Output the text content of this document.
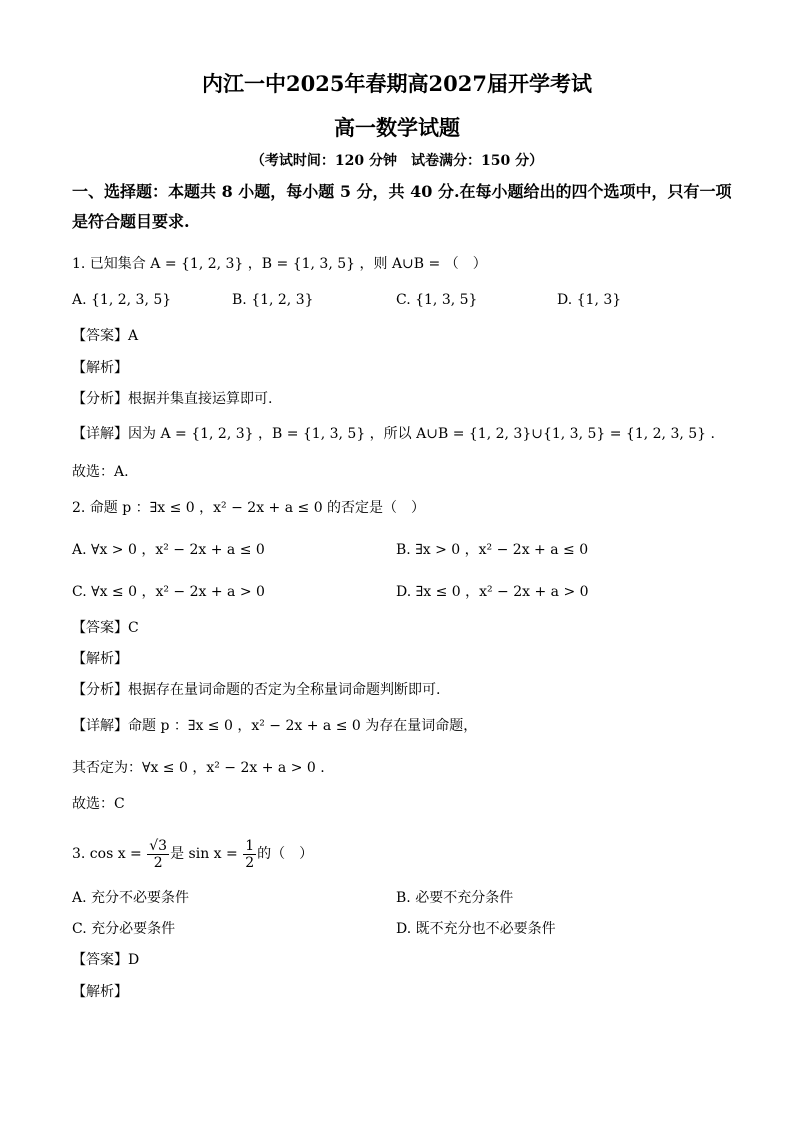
内江一中2025年春期高2027届开学考试
高一数学试题
（考试时间：120 分钟　试卷满分：150 分）
一、选择题：本题共 8 小题，每小题 5 分，共 40 分.在每小题给出的四个选项中，只有一项
是符合题目要求.
1. 已知集合 A = {1, 2, 3} ，B = {1, 3, 5} ，则 A∪B = （　）
A. {1, 2, 3, 5}	B. {1, 2, 3}	C. {1, 3, 5}	D. {1, 3}
【答案】A
【解析】
【分析】根据并集直接运算即可.
【详解】因为 A = {1, 2, 3} ，B = {1, 3, 5} ，所以 A∪B = {1, 2, 3}∪{1, 3, 5} = {1, 2, 3, 5} .
故选：A.
2. 命题 p ：∃x ≤ 0 ，x² − 2x + a ≤ 0 的否定是（　）
A. ∀x > 0 ，x² − 2x + a ≤ 0	B. ∃x > 0 ，x² − 2x + a ≤ 0
C. ∀x ≤ 0 ，x² − 2x + a > 0	D. ∃x ≤ 0 ，x² − 2x + a > 0
【答案】C
【解析】
【分析】根据存在量词命题的否定为全称量词命题判断即可.
【详解】命题 p ：∃x ≤ 0 ，x² − 2x + a ≤ 0 为存在量词命题，
其否定为：∀x ≤ 0 ，x² − 2x + a > 0 .
故选：C
3. $\cos x = \frac{√3}{2}$ 是 $\sin x = \frac{1}{2}$ 的（　）
A. 充分不必要条件	B. 必要不充分条件
C. 充分必要条件	D. 既不充分也不必要条件
【答案】D
【解析】
